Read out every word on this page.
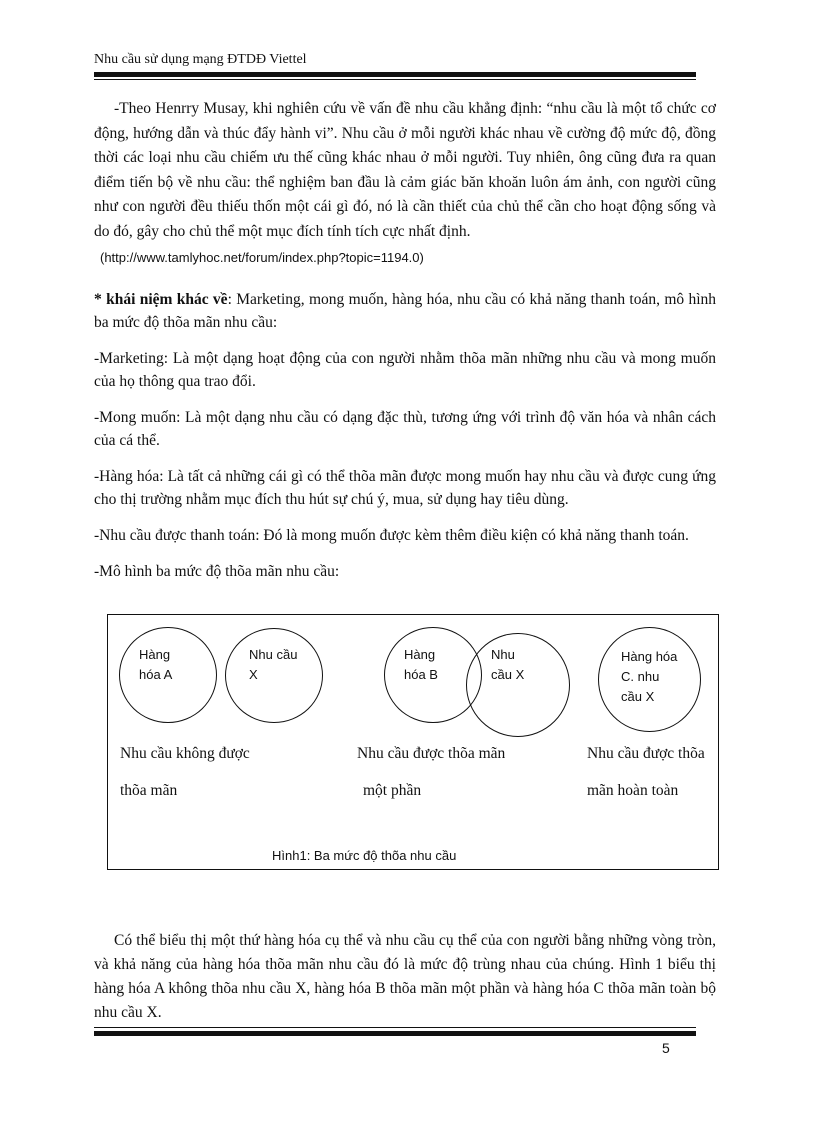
Nhu cầu sử dụng mạng ĐTDĐ Viettel

-Theo Henrry Musay, khi nghiên cứu về vấn đề nhu cầu khẳng định: “nhu cầu là một tổ chức cơ động, hướng dẫn và thúc đẩy hành vi”. Nhu cầu ở mỗi người khác nhau về cường độ mức độ, đồng thời các loại nhu cầu chiếm ưu thế cũng khác nhau ở mỗi người. Tuy nhiên, ông cũng đưa ra quan điểm tiến bộ về nhu cầu: thể nghiệm ban đầu là cảm giác băn khoăn luôn ám ảnh, con người cũng như con người đều thiếu thốn một cái gì đó, nó là cần thiết của chủ thể cần cho hoạt động sống và do đó, gây cho chủ thể một mục đích tính tích cực nhất định.

(http://www.tamlyhoc.net/forum/index.php?topic=1194.0)

* khái niệm khác về: Marketing, mong muốn, hàng hóa, nhu cầu có khả năng thanh toán, mô hình ba mức độ thõa mãn nhu cầu:

-Marketing: Là một dạng hoạt động của con người nhằm thõa mãn những nhu cầu và mong muốn của họ thông qua trao đổi.

-Mong muốn: Là một dạng nhu cầu có dạng đặc thù, tương ứng với trình độ văn hóa và nhân cách của cá thể.

-Hàng hóa: Là tất cả những cái gì có thể thõa mãn được mong muốn hay nhu cầu và được cung ứng cho thị trường nhằm mục đích thu hút sự chú ý, mua, sử dụng hay tiêu dùng.

-Nhu cầu được thanh toán: Đó là mong muốn được kèm thêm điều kiện có khả năng thanh toán.

-Mô hình ba mức độ thõa mãn nhu cầu:

Hàng
hóa A
Nhu cầu
X
Hàng
hóa B
Nhu
cầu X
Hàng hóa
C. nhu
cầu X
Nhu cầu không được
thõa mãn
Nhu cầu được thõa mãn
một phần
Nhu cầu được thõa
mãn hoàn toàn
Hình1: Ba mức độ thõa nhu cầu

Có thể biểu thị một thứ hàng hóa cụ thể và nhu cầu cụ thể của con người bằng những vòng tròn, và khả năng của hàng hóa thõa mãn nhu cầu đó là mức độ trùng nhau của chúng. Hình 1 biểu thị hàng hóa A không thõa nhu cầu X, hàng hóa B thõa mãn một phần và hàng hóa C thõa mãn toàn bộ nhu cầu X.

5
